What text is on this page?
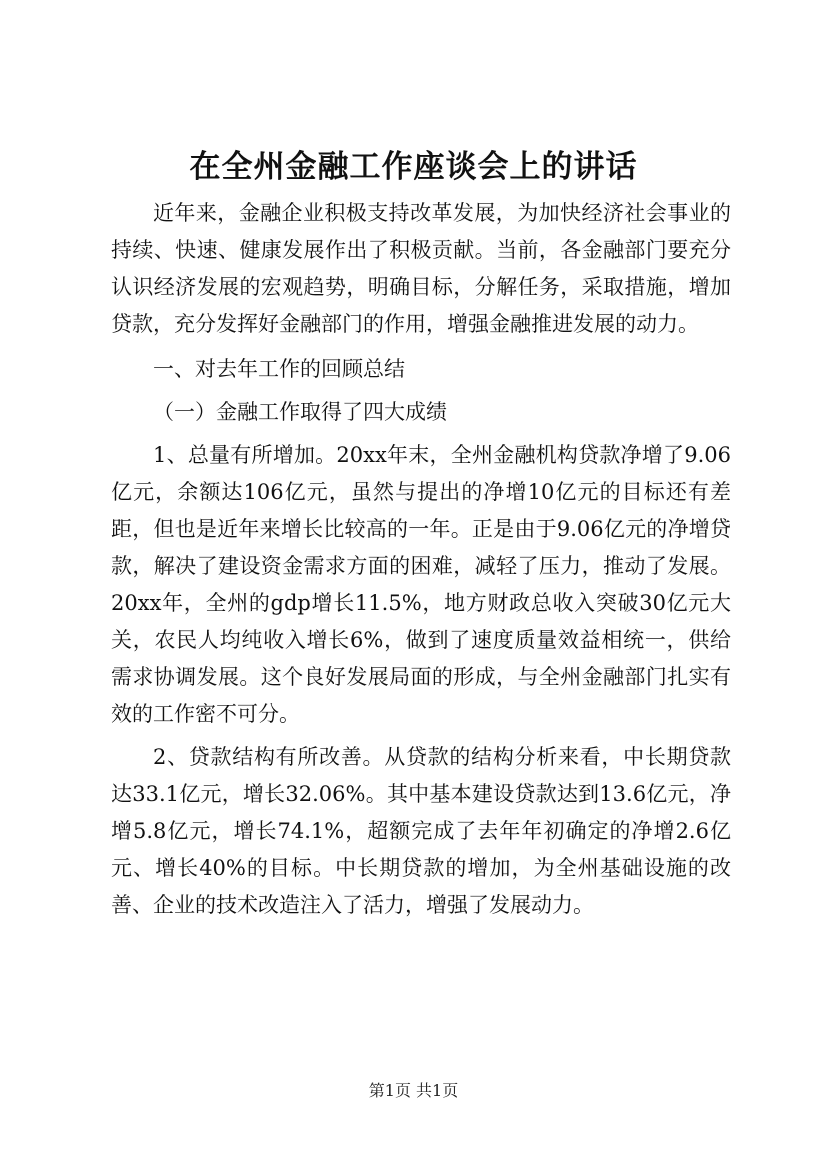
在全州金融工作座谈会上的讲话

近年来，金融企业积极支持改革发展，为加快经济社会事业的持续、快速、健康发展作出了积极贡献。当前，各金融部门要充分认识经济发展的宏观趋势，明确目标，分解任务，采取措施，增加贷款，充分发挥好金融部门的作用，增强金融推进发展的动力。

一、对去年工作的回顾总结

（一）金融工作取得了四大成绩

1、总量有所增加。20xx年末，全州金融机构贷款净增了9.06亿元，余额达106亿元，虽然与提出的净增10亿元的目标还有差距，但也是近年来增长比较高的一年。正是由于9.06亿元的净增贷款，解决了建设资金需求方面的困难，减轻了压力，推动了发展。20xx年，全州的gdp增长11.5%，地方财政总收入突破30亿元大关，农民人均纯收入增长6%，做到了速度质量效益相统一，供给需求协调发展。这个良好发展局面的形成，与全州金融部门扎实有效的工作密不可分。

2、贷款结构有所改善。从贷款的结构分析来看，中长期贷款达33.1亿元，增长32.06%。其中基本建设贷款达到13.6亿元，净增5.8亿元，增长74.1%，超额完成了去年年初确定的净增2.6亿元、增长40%的目标。中长期贷款的增加，为全州基础设施的改善、企业的技术改造注入了活力，增强了发展动力。

第1页 共1页
